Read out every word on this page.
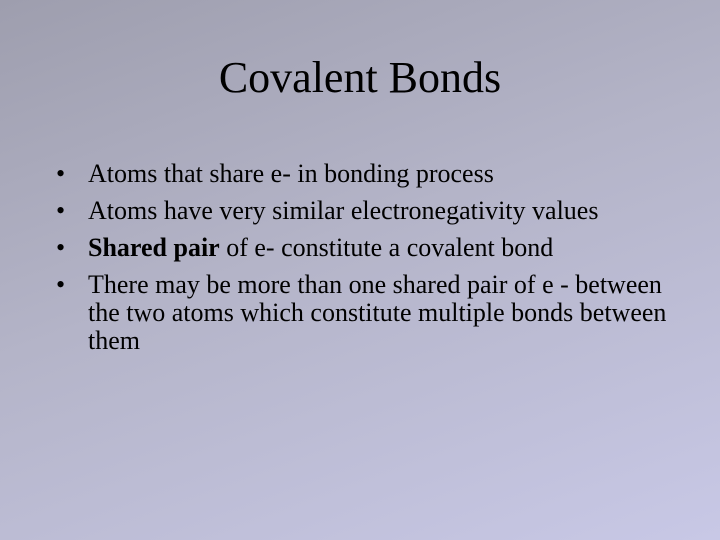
Covalent Bonds
• Atoms that share e- in bonding process
• Atoms have very similar electronegativity values
• Shared pair of e- constitute a covalent bond
• There may be more than one shared pair of e - between the two atoms which constitute multiple bonds between them
